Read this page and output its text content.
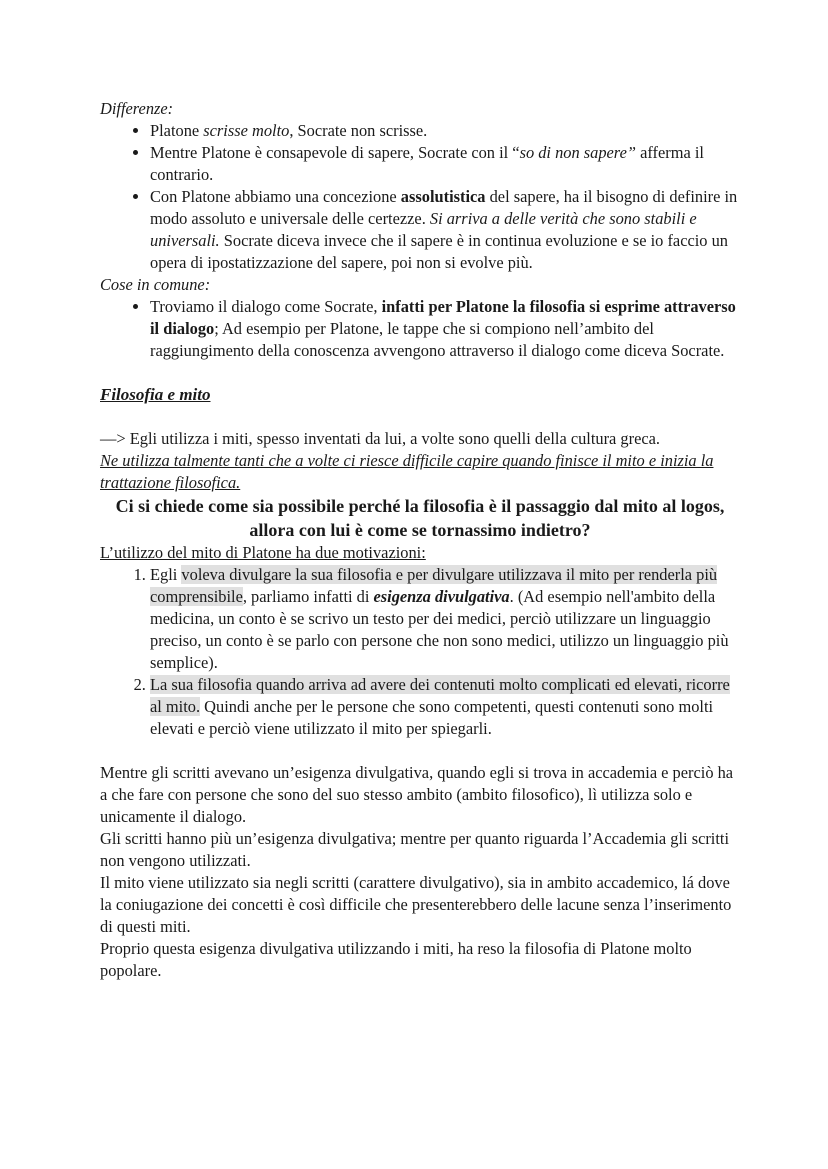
Differenze:

• Platone scrisse molto, Socrate non scrisse.
• Mentre Platone è consapevole di sapere, Socrate con il “so di non sapere” afferma il contrario.
• Con Platone abbiamo una concezione assolutistica del sapere, ha il bisogno di definire in modo assoluto e universale delle certezze. Si arriva a delle verità che sono stabili e universali. Socrate diceva invece che il sapere è in continua evoluzione e se io faccio un opera di ipostatizzazione del sapere, poi non si evolve più.

Cose in comune:

• Troviamo il dialogo come Socrate, infatti per Platone la filosofia si esprime attraverso il dialogo; Ad esempio per Platone, le tappe che si compiono nell’ambito del raggiungimento della conoscenza avvengono attraverso il dialogo come diceva Socrate.

Filosofia e mito

—> Egli utilizza i miti, spesso inventati da lui, a volte sono quelli della cultura greca.

Ne utilizza talmente tanti che a volte ci riesce difficile capire quando finisce il mito e inizia la trattazione filosofica.

Ci si chiede come sia possibile perché la filosofia è il passaggio dal mito al logos, allora con lui è come se tornassimo indietro?

L’utilizzo del mito di Platone ha due motivazioni:

1. Egli voleva divulgare la sua filosofia e per divulgare utilizzava il mito per renderla più comprensibile, parliamo infatti di esigenza divulgativa. (Ad esempio nell'ambito della medicina, un conto è se scrivo un testo per dei medici, perciò utilizzare un linguaggio preciso, un conto è se parlo con persone che non sono medici, utilizzo un linguaggio più semplice).
2. La sua filosofia quando arriva ad avere dei contenuti molto complicati ed elevati, ricorre al mito. Quindi anche per le persone che sono competenti, questi contenuti sono molti elevati e perciò viene utilizzato il mito per spiegarli.

Mentre gli scritti avevano un’esigenza divulgativa, quando egli si trova in accademia e perciò ha a che fare con persone che sono del suo stesso ambito (ambito filosofico), lì utilizza solo e unicamente il dialogo.

Gli scritti hanno più un’esigenza divulgativa; mentre per quanto riguarda l’Accademia gli scritti non vengono utilizzati.

Il mito viene utilizzato sia negli scritti (carattere divulgativo), sia in ambito accademico, lá dove la coniugazione dei concetti è così difficile che presenterebbero delle lacune senza l’inserimento di questi miti.

Proprio questa esigenza divulgativa utilizzando i miti, ha reso la filosofia di Platone molto popolare.
